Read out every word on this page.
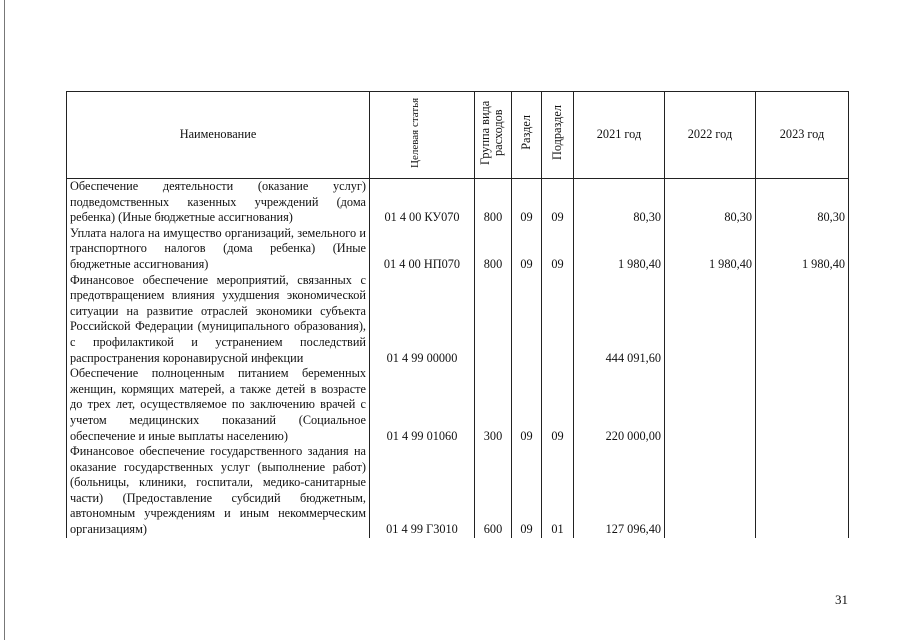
Наименование	Целевая статья	Группа вида расходов	Раздел	Подраздел	2021 год	2022 год	2023 год
Обеспечение деятельности (оказание услуг) подведомственных казенных учреждений (дома ребенка) (Иные бюджетные ассигнования)	01 4 00 КУ070	800	09	09	80,30	80,30	80,30
Уплата налога на имущество организаций, земельного и транспортного налогов (дома ребенка) (Иные бюджетные ассигнования)	01 4 00 НП070	800	09	09	1 980,40	1 980,40	1 980,40
Финансовое обеспечение мероприятий, связанных с предотвращением влияния ухудшения экономической ситуации на развитие отраслей экономики субъекта Российской Федерации (муниципального образования), с профилактикой и устранением последствий распространения коронавирусной инфекции	01 4 99 00000				444 091,60		
Обеспечение полноценным питанием беременных женщин, кормящих матерей, а также детей в возрасте до трех лет, осуществляемое по заключению врачей с учетом медицинских показаний (Социальное обеспечение и иные выплаты населению)	01 4 99 01060	300	09	09	220 000,00		
Финансовое обеспечение государственного задания на оказание государственных услуг (выполнение работ) (больницы, клиники, госпитали, медико-санитарные части) (Предоставление субсидий бюджетным, автономным учреждениям и иным некоммерческим организациям)	01 4 99 Г3010	600	09	01	127 096,40		
31
